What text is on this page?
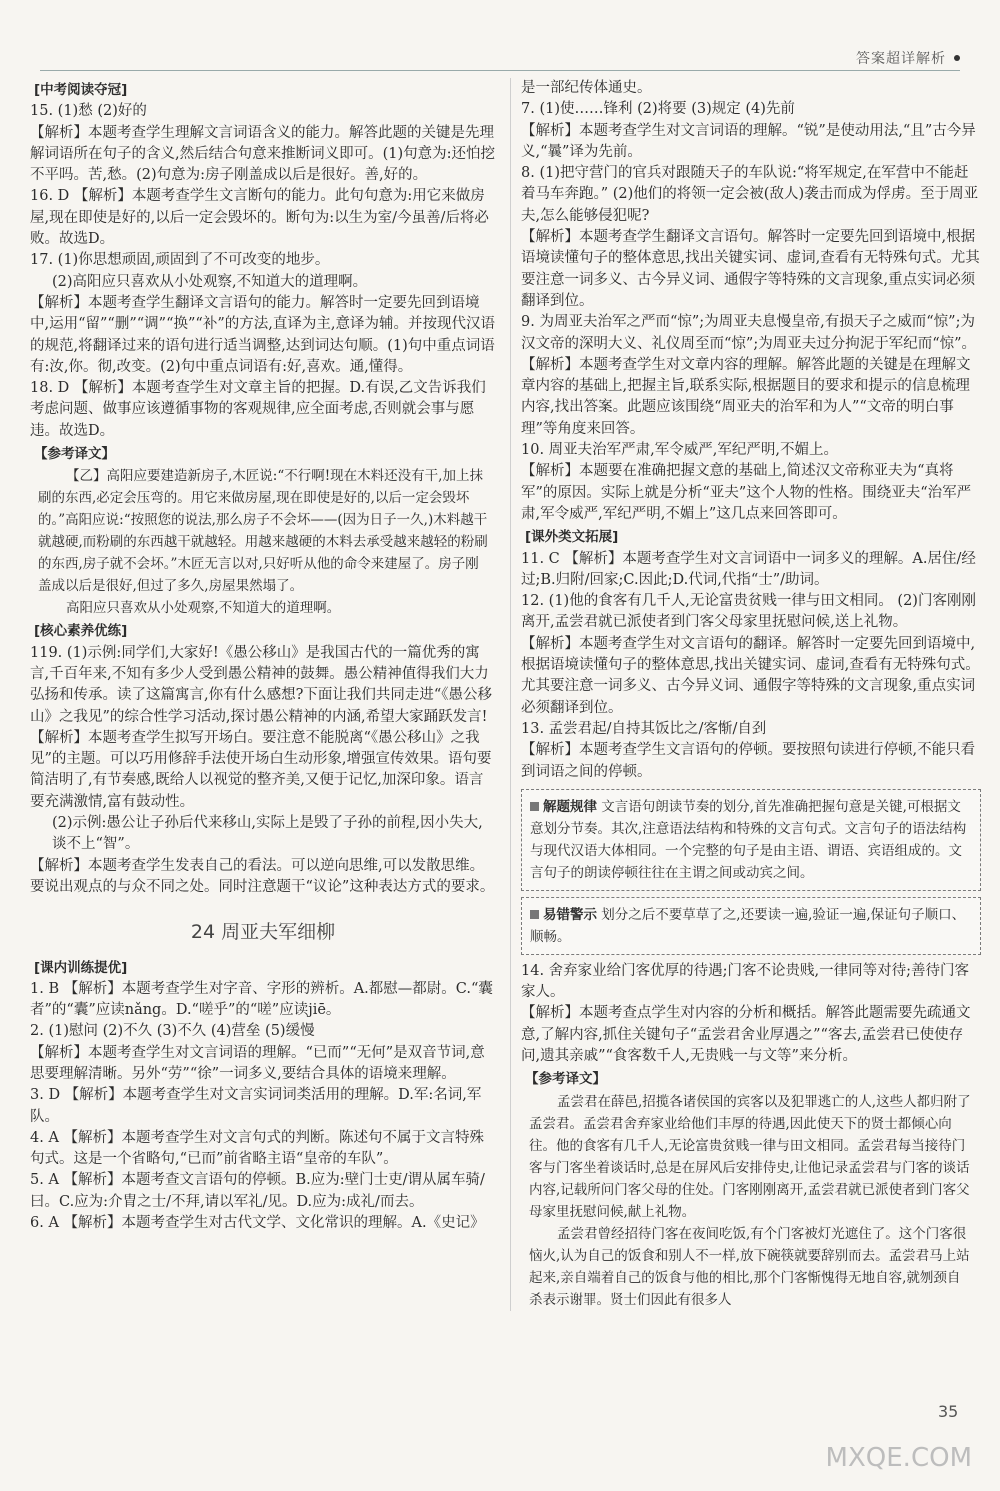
答案超详解析
[中考阅读夺冠]

15. (1)愁 (2)好的

【解析】本题考查学生理解文言词语含义的能力。解答此题的关键是先理解词语所在句子的含义,然后结合句意来推断词义即可。(1)句意为:还怕挖不平吗。苦,愁。(2)句意为:房子刚盖成以后是很好。善,好的。

16. D 【解析】本题考查学生文言断句的能力。此句句意为:用它来做房屋,现在即使是好的,以后一定会毁坏的。断句为:以生为室/今虽善/后将必败。故选D。

17. (1)你思想顽固,顽固到了不可改变的地步。

(2)高阳应只喜欢从小处观察,不知道大的道理啊。

【解析】本题考查学生翻译文言语句的能力。解答时一定要先回到语境中,运用“留”“删”“调”“换”“补”的方法,直译为主,意译为辅。并按现代汉语的规范,将翻译过来的语句进行适当调整,达到词达句顺。(1)句中重点词语有:汝,你。彻,改变。(2)句中重点词语有:好,喜欢。通,懂得。

18. D 【解析】本题考查学生对文章主旨的把握。D.有误,乙文告诉我们考虑问题、做事应该遵循事物的客观规律,应全面考虑,否则就会事与愿违。故选D。

【参考译文】

【乙】高阳应要建造新房子,木匠说:“不行啊!现在木料还没有干,加上抹刷的东西,必定会压弯的。用它来做房屋,现在即使是好的,以后一定会毁坏的。”高阳应说:“按照您的说法,那么房子不会坏——(因为日子一久,)木料越干就越硬,而粉刷的东西越干就越轻。用越来越硬的木料去承受越来越轻的粉刷的东西,房子就不会坏。”木匠无言以对,只好听从他的命令来建屋了。房子刚盖成以后是很好,但过了多久,房屋果然塌了。

高阳应只喜欢从小处观察,不知道大的道理啊。

[核心素养优练]

119. (1)示例:同学们,大家好!《愚公移山》是我国古代的一篇优秀的寓言,千百年来,不知有多少人受到愚公精神的鼓舞。愚公精神值得我们大力弘扬和传承。读了这篇寓言,你有什么感想?下面让我们共同走进“《愚公移山》之我见”的综合性学习活动,探讨愚公精神的内涵,希望大家踊跃发言!

【解析】本题考查学生拟写开场白。要注意不能脱离“《愚公移山》之我见”的主题。可以巧用修辞手法使开场白生动形象,增强宣传效果。语句要简洁明了,有节奏感,既给人以视觉的整齐美,又便于记忆,加深印象。语言要充满激情,富有鼓动性。

(2)示例:愚公让子孙后代来移山,实际上是毁了子孙的前程,因小失大,谈不上“智”。

【解析】本题考查学生发表自己的看法。可以逆向思维,可以发散思维。要说出观点的与众不同之处。同时注意题干“议论”这种表达方式的要求。

24 周亚夫军细柳

[课内训练提优]

1. B 【解析】本题考查学生对字音、字形的辨析。A.都慰—都尉。C.“囊者”的“囊”应读nǎng。D.“嗟乎”的“嗟”应读jiē。

2. (1)慰问 (2)不久 (3)不久 (4)营垒 (5)缓慢

【解析】本题考查学生对文言词语的理解。“已而”“无何”是双音节词,意思要理解清晰。另外“劳”“徐”一词多义,要结合具体的语境来理解。

3. D 【解析】本题考查学生对文言实词词类活用的理解。D.军:名词,军队。

4. A 【解析】本题考查学生对文言句式的判断。陈述句不属于文言特殊句式。这是一个省略句,“已而”前省略主语“皇帝的车队”。

5. A 【解析】本题考查文言语句的停顿。B.应为:壁门士吏/谓从属车骑/曰。C.应为:介胄之士/不拜,请以军礼/见。D.应为:成礼/而去。

6. A 【解析】本题考查学生对古代文学、文化常识的理解。A.《史记》

是一部纪传体通史。

7. (1)使……锋利 (2)将要 (3)规定 (4)先前

【解析】本题考查学生对文言词语的理解。“锐”是使动用法,“且”古今异义,“曩”译为先前。

8. (1)把守营门的官兵对跟随天子的车队说:“将军规定,在军营中不能赶着马车奔跑。” (2)他们的将领一定会被(敌人)袭击而成为俘虏。至于周亚夫,怎么能够侵犯呢?

【解析】本题考查学生翻译文言语句。解答时一定要先回到语境中,根据语境读懂句子的整体意思,找出关键实词、虚词,查看有无特殊句式。尤其要注意一词多义、古今异义词、通假字等特殊的文言现象,重点实词必须翻译到位。

9. 为周亚夫治军之严而“惊”;为周亚夫息慢皇帝,有损天子之威而“惊”;为汉文帝的深明大义、礼仪周至而“惊”;为周亚夫过分拘泥于军纪而“惊”。

【解析】本题考查学生对文章内容的理解。解答此题的关键是在理解文章内容的基础上,把握主旨,联系实际,根据题目的要求和提示的信息梳理内容,找出答案。此题应该围绕“周亚夫的治军和为人”“文帝的明白事理”等角度来回答。

10. 周亚夫治军严肃,军令威严,军纪严明,不媚上。

【解析】本题要在准确把握文意的基础上,简述汉文帝称亚夫为“真将军”的原因。实际上就是分析“亚夫”这个人物的性格。围绕亚夫“治军严肃,军令威严,军纪严明,不媚上”这几点来回答即可。

[课外类文拓展]

11. C 【解析】本题考查学生对文言词语中一词多义的理解。A.居住/经过;B.归附/回家;C.因此;D.代词,代指“士”/助词。

12. (1)他的食客有几千人,无论富贵贫贱一律与田文相同。 (2)门客刚刚离开,孟尝君就已派使者到门客父母家里抚慰问候,送上礼物。

【解析】本题考查学生对文言语句的翻译。解答时一定要先回到语境中,根据语境读懂句子的整体意思,找出关键实词、虚词,查看有无特殊句式。尤其要注意一词多义、古今异义词、通假字等特殊的文言现象,重点实词必须翻译到位。

13. 孟尝君起/自持其饭比之/客惭/自刭

【解析】本题考查学生文言语句的停顿。要按照句读进行停顿,不能只看到词语之间的停顿。

解题规律 文言语句朗读节奏的划分,首先准确把握句意是关键,可根据文意划分节奏。其次,注意语法结构和特殊的文言句式。文言句子的语法结构与现代汉语大体相同。一个完整的句子是由主语、谓语、宾语组成的。文言句子的朗读停顿往往在主谓之间或动宾之间。
易错警示 划分之后不要草草了之,还要读一遍,验证一遍,保证句子顺口、顺畅。

14. 舍弃家业给门客优厚的待遇;门客不论贵贱,一律同等对待;善待门客家人。

【解析】本题考查点学生对内容的分析和概括。解答此题需要先疏通文意,了解内容,抓住关键句子“孟尝君舍业厚遇之”“客去,孟尝君已使使存问,遗其亲戚”“食客数千人,无贵贱一与文等”来分析。

【参考译文】

孟尝君在薛邑,招揽各诸侯国的宾客以及犯罪逃亡的人,这些人都归附了孟尝君。孟尝君舍弃家业给他们丰厚的待遇,因此使天下的贤士都倾心向往。他的食客有几千人,无论富贵贫贱一律与田文相同。孟尝君每当接待门客与门客坐着谈话时,总是在屏风后安排侍史,让他记录孟尝君与门客的谈话内容,记载所问门客父母的住处。门客刚刚离开,孟尝君就已派使者到门客父母家里抚慰问候,献上礼物。

孟尝君曾经招待门客在夜间吃饭,有个门客被灯光遮住了。这个门客很恼火,认为自己的饭食和别人不一样,放下碗筷就要辞别而去。孟尝君马上站起来,亲自端着自己的饭食与他的相比,那个门客惭愧得无地自容,就刎颈自杀表示谢罪。贤士们因此有很多人

35
MXQE.COM
